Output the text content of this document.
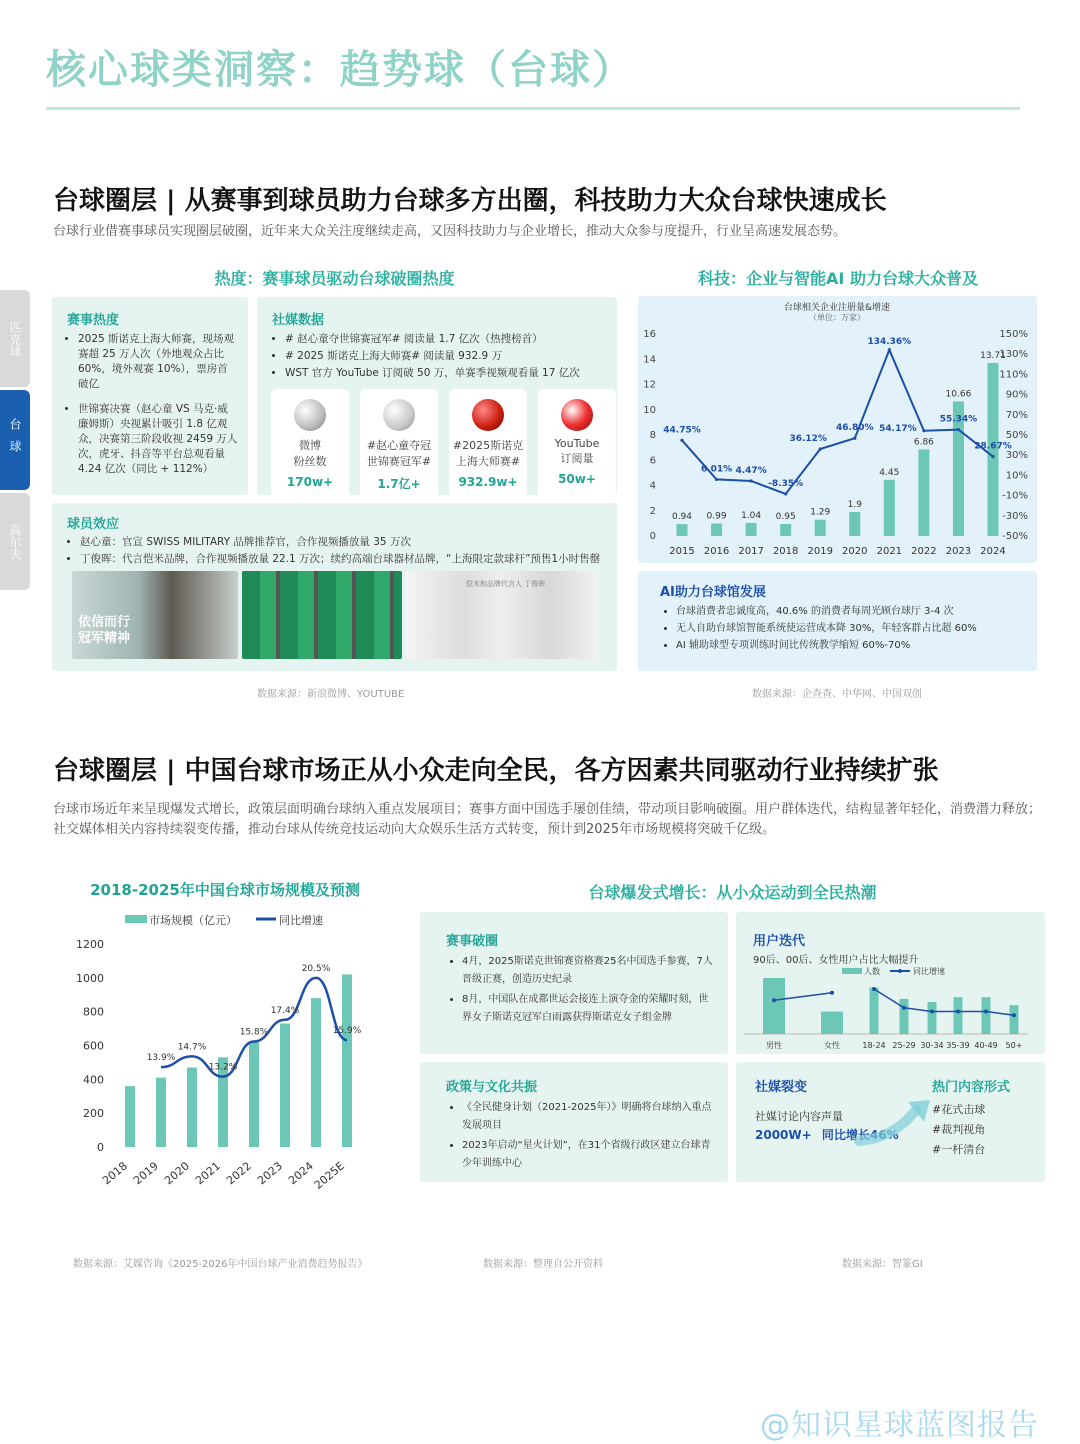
核心球类洞察：趋势球（台球）
匹克球
台球
高尔夫
台球圈层 | 从赛事到球员助力台球多方出圈，科技助力大众台球快速成长
台球行业借赛事球员实现圈层破圈，近年来大众关注度继续走高，又因科技助力与企业增长，推动大众参与度提升，行业呈高速发展态势。
热度：赛事球员驱动台球破圈热度	科技：企业与智能AI 助力台球大众普及
赛事热度
• 2025 斯诺克上海大师赛，现场观赛超 25 万人次（外地观众占比 60%，境外观赛 10%），票房首破亿
• 世锦赛决赛（赵心童 VS 马克·威廉姆斯）央视累计吸引 1.8 亿观众，决赛第三阶段收视 2459 万人次，虎牙、抖音等平台总观看量 4.24 亿次（同比 + 112%）
社媒数据
• # 赵心童夺世锦赛冠军# 阅读量 1.7 亿次（热搜榜首）
• # 2025 斯诺克上海大师赛# 阅读量 932.9 万
• WST 官方 YouTube 订阅破 50 万，单赛季视频观看量 17 亿次
微博
粉丝数
170w+
#赵心童夺冠
世锦赛冠军#
1.7亿+
#2025斯诺克
上海大师赛#
932.9w+
YouTube
订阅量
50w+
球员效应
• 赵心童：官宣 SWISS MILITARY 品牌推荐官，合作视频播放量 35 万次
• 丁俊晖：代言恺米品牌，合作视频播放量 22.1 万次；续约高端台球器材品牌，“上海限定款球杆”预售1小时售罄
依信而行 冠军精神
恺米和品牌代言人 丁俊晖
台球相关企业注册量&增速
（单位：万家）
0
2
4
6
8
10
12
14
16
-50%
-30%
-10%
10%
30%
50%
70%
90%
110%
130%
150%
0.94
2015
0.99
2016
1.04
2017
0.95
2018
1.29
2019
1.9
2020
4.45
2021
6.86
2022
10.66
2023
13.71
2024
44.75%
6.01% 4.47%
-8.35%
36.12%
46.80%
134.36%
54.17%
55.34%
28.67%
AI助力台球馆发展
• 台球消费者忠诚度高，40.6% 的消费者每周光顾台球厅 3-4 次
• 无人自助台球馆智能系统使运营成本降 30%，年轻客群占比超 60%
• AI 辅助球型专项训练时间比传统教学缩短 60%-70%
数据来源：新浪微博、YOUTUBE	数据来源：企查查、中华网、中国双创
台球圈层 | 中国台球市场正从小众走向全民，各方因素共同驱动行业持续扩张
台球市场近年来呈现爆发式增长，政策层面明确台球纳入重点发展项目；赛事方面中国选手屡创佳绩，带动项目影响破圈。用户群体迭代，结构显著年轻化，消费潜力释放；社交媒体相关内容持续裂变传播，推动台球从传统竞技运动向大众娱乐生活方式转变，预计到2025年市场规模将突破千亿级。
2018-2025年中国台球市场规模及预测
市场规模（亿元）	同比增速
0
200
400
600
800
1000
1200
2018 2019 2020 2021 2022 2023 2024
2025E
13.9%
14.7%
13.2%
15.8%
17.4%
20.5%
15.9%
台球爆发式增长：从小众运动到全民热潮
赛事破圈
• 4月，2025斯诺克世锦赛资格赛25名中国选手参赛，7人晋级正赛，创造历史纪录
• 8月，中国队在成都世运会接连上演夺金的荣耀时刻，世界女子斯诺克冠军白雨露获得斯诺克女子组金牌
用户迭代
90后、00后、女性用户占比大幅提升
人数	同比增速
男性	女性	18-24 25-29 30-34 35-39 40-49 50+
政策与文化共振
• 《全民健身计划（2021-2025年）》明确将台球纳入重点发展项目
• 2023年启动“星火计划”，在31个省级行政区建立台球青少年训练中心
社媒裂变
社媒讨论内容声量
2000W+ 同比增长46%
热门内容形式
#花式击球
#裁判视角
#一杆清台
数据来源：艾媒咨询《2025-2026年中国台球产业消费趋势报告》	数据来源：整理自公开资料	数据来源：智篆GI
@知识星球蓝图报告
